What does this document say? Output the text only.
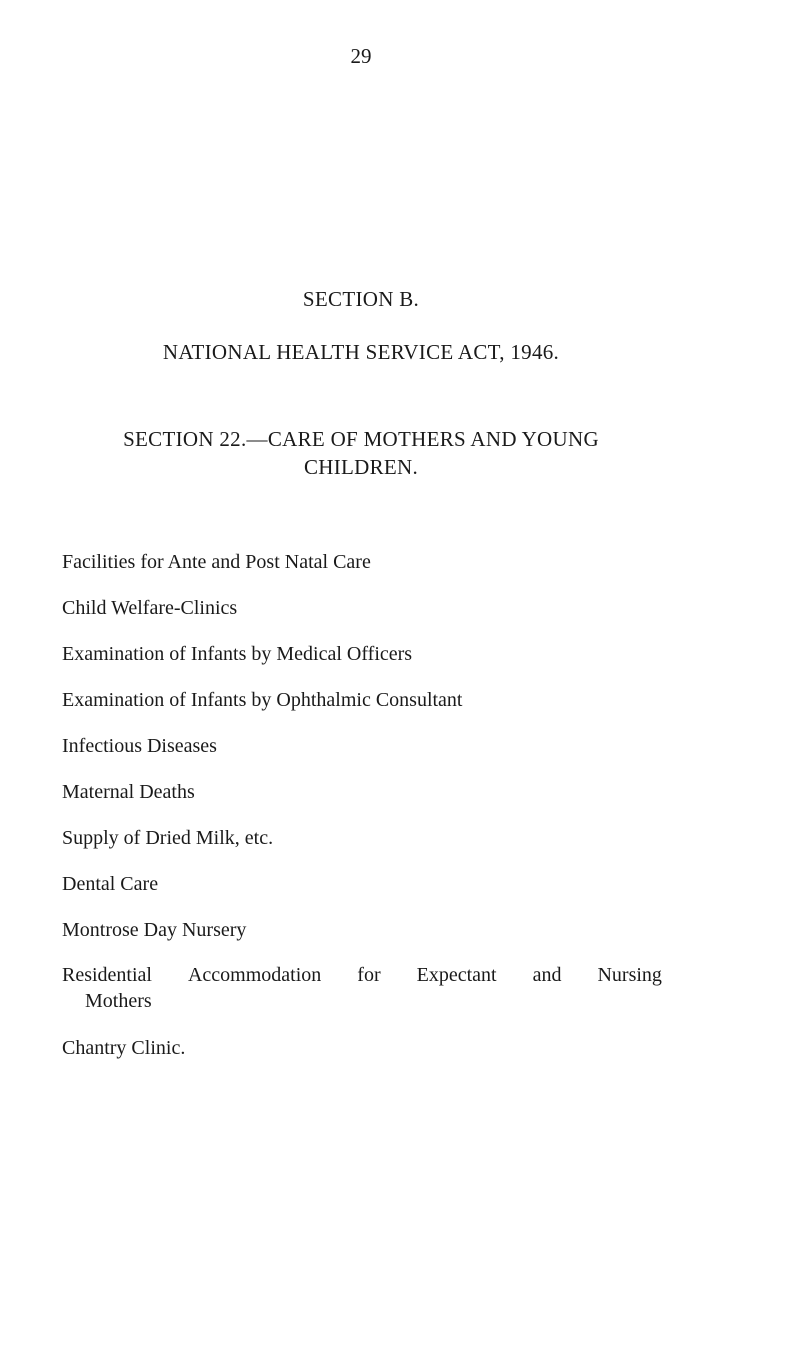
29
SECTION B.
NATIONAL HEALTH SERVICE ACT, 1946.
SECTION 22.—CARE OF MOTHERS AND YOUNG
CHILDREN.
Facilities for Ante and Post Natal Care
Child Welfare-Clinics
Examination of Infants by Medical Officers
Examination of Infants by Ophthalmic Consultant
Infectious Diseases
Maternal Deaths
Supply of Dried Milk, etc.
Dental Care
Montrose Day Nursery
Residential Accommodation for Expectant and Nursing
Mothers
Chantry Clinic.
